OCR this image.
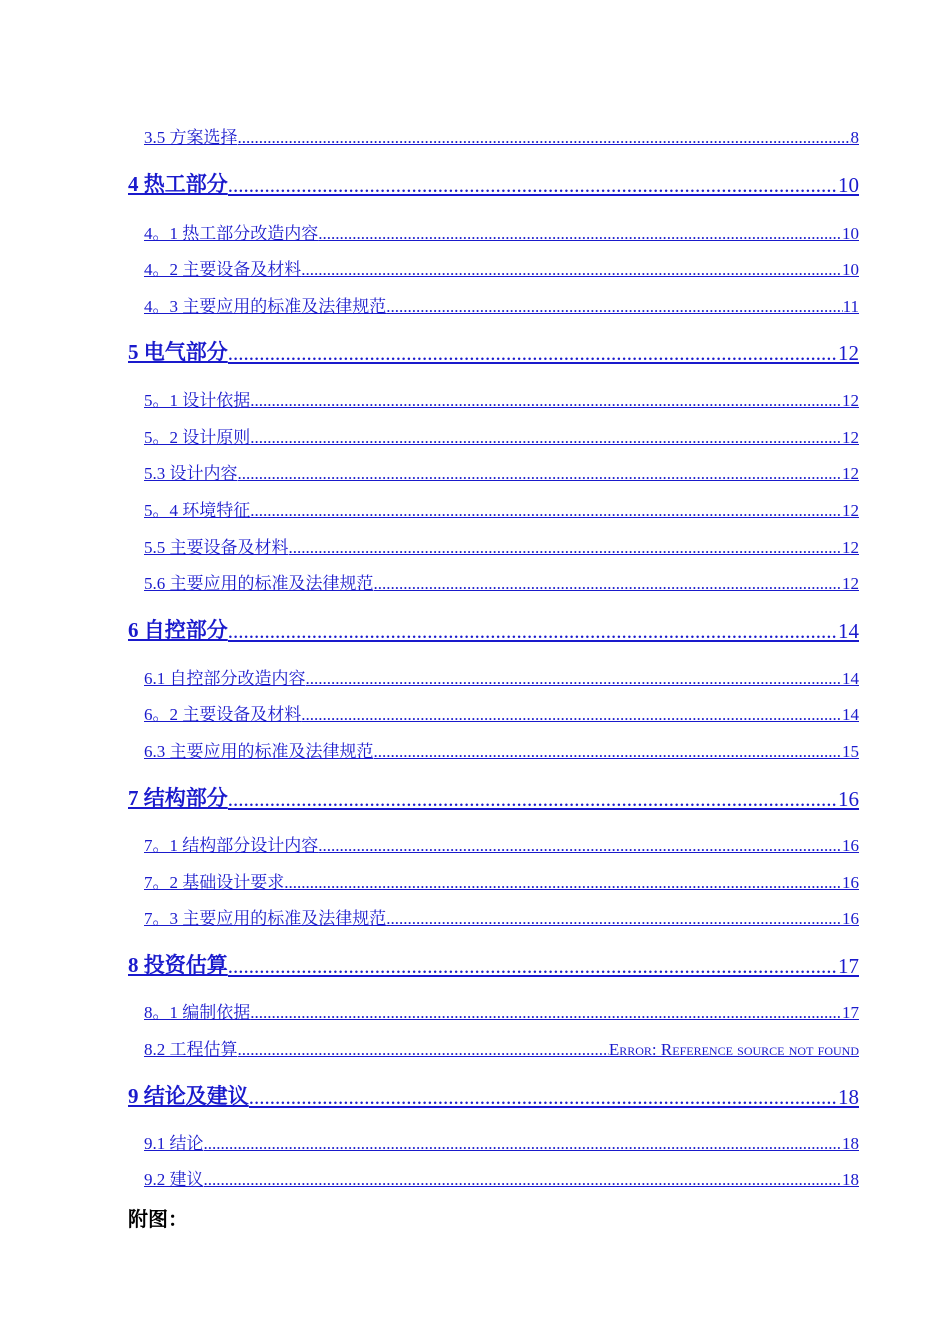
3.5 方案选择 .....	8
4 热工部分 .....	10
4。1 热工部分改造内容 .....	10
4。2 主要设备及材料 .....	10
4。3 主要应用的标准及法律规范 .....	11
5 电气部分 .....	12
5。1 设计依据 .....	12
5。2 设计原则 .....	12
5.3 设计内容 .....	12
5。4 环境特征 .....	12
5.5 主要设备及材料 .....	12
5.6 主要应用的标准及法律规范 .....	12
6 自控部分 .....	14
6.1 自控部分改造内容 .....	14
6。2 主要设备及材料 .....	14
6.3 主要应用的标准及法律规范 .....	15
7 结构部分 .....	16
7。1 结构部分设计内容 .....	16
7。2 基础设计要求 .....	16
7。3 主要应用的标准及法律规范 .....	16
8 投资估算 .....	17
8。1 编制依据 .....	17
8.2 工程估算 .....	Error: Reference source not found
9 结论及建议 .....	18
9.1 结论 .....	18
9.2 建议 .....	18
附图：
